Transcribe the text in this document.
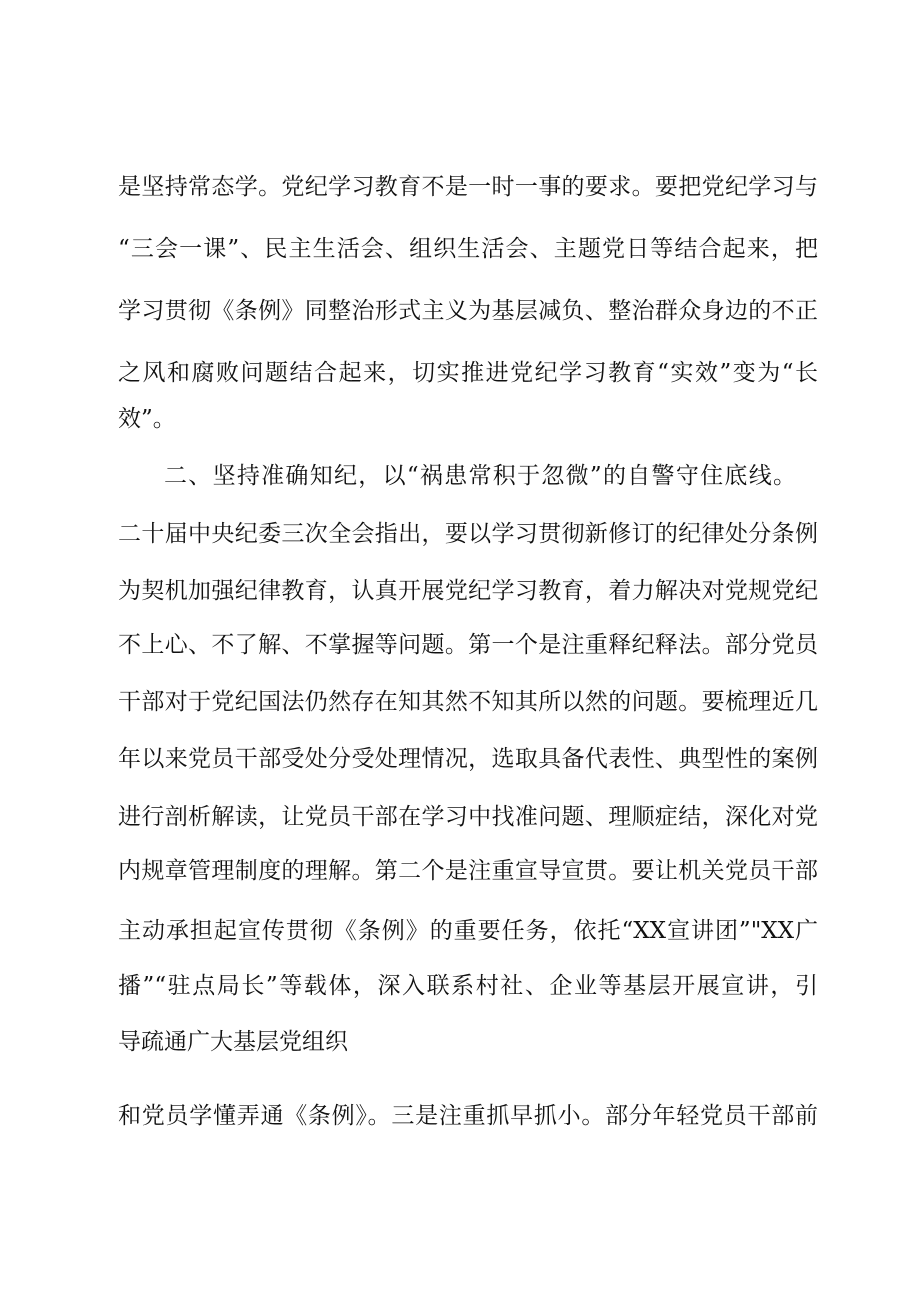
是坚持常态学。党纪学习教育不是一时一事的要求。要把党纪学习与
“三会一课”、民主生活会、组织生活会、主题党日等结合起来，把
学习贯彻《条例》同整治形式主义为基层减负、整治群众身边的不正
之风和腐败问题结合起来，切实推进党纪学习教育“实效”变为“长
效”。
二、坚持准确知纪，以“祸患常积于忽微”的自警守住底线。
二十届中央纪委三次全会指出，要以学习贯彻新修订的纪律处分条例
为契机加强纪律教育，认真开展党纪学习教育，着力解决对党规党纪
不上心、不了解、不掌握等问题。第一个是注重释纪释法。部分党员
干部对于党纪国法仍然存在知其然不知其所以然的问题。要梳理近几
年以来党员干部受处分受处理情况，选取具备代表性、典型性的案例
进行剖析解读，让党员干部在学习中找准问题、理顺症结，深化对党
内规章管理制度的理解。第二个是注重宣导宣贯。要让机关党员干部
主动承担起宣传贯彻《条例》的重要任务，依托“XX宣讲团”"XX广
播”“驻点局长”等载体，深入联系村社、企业等基层开展宣讲，引
导疏通广大基层党组织
和党员学懂弄通《条例》。三是注重抓早抓小。部分年轻党员干部前
